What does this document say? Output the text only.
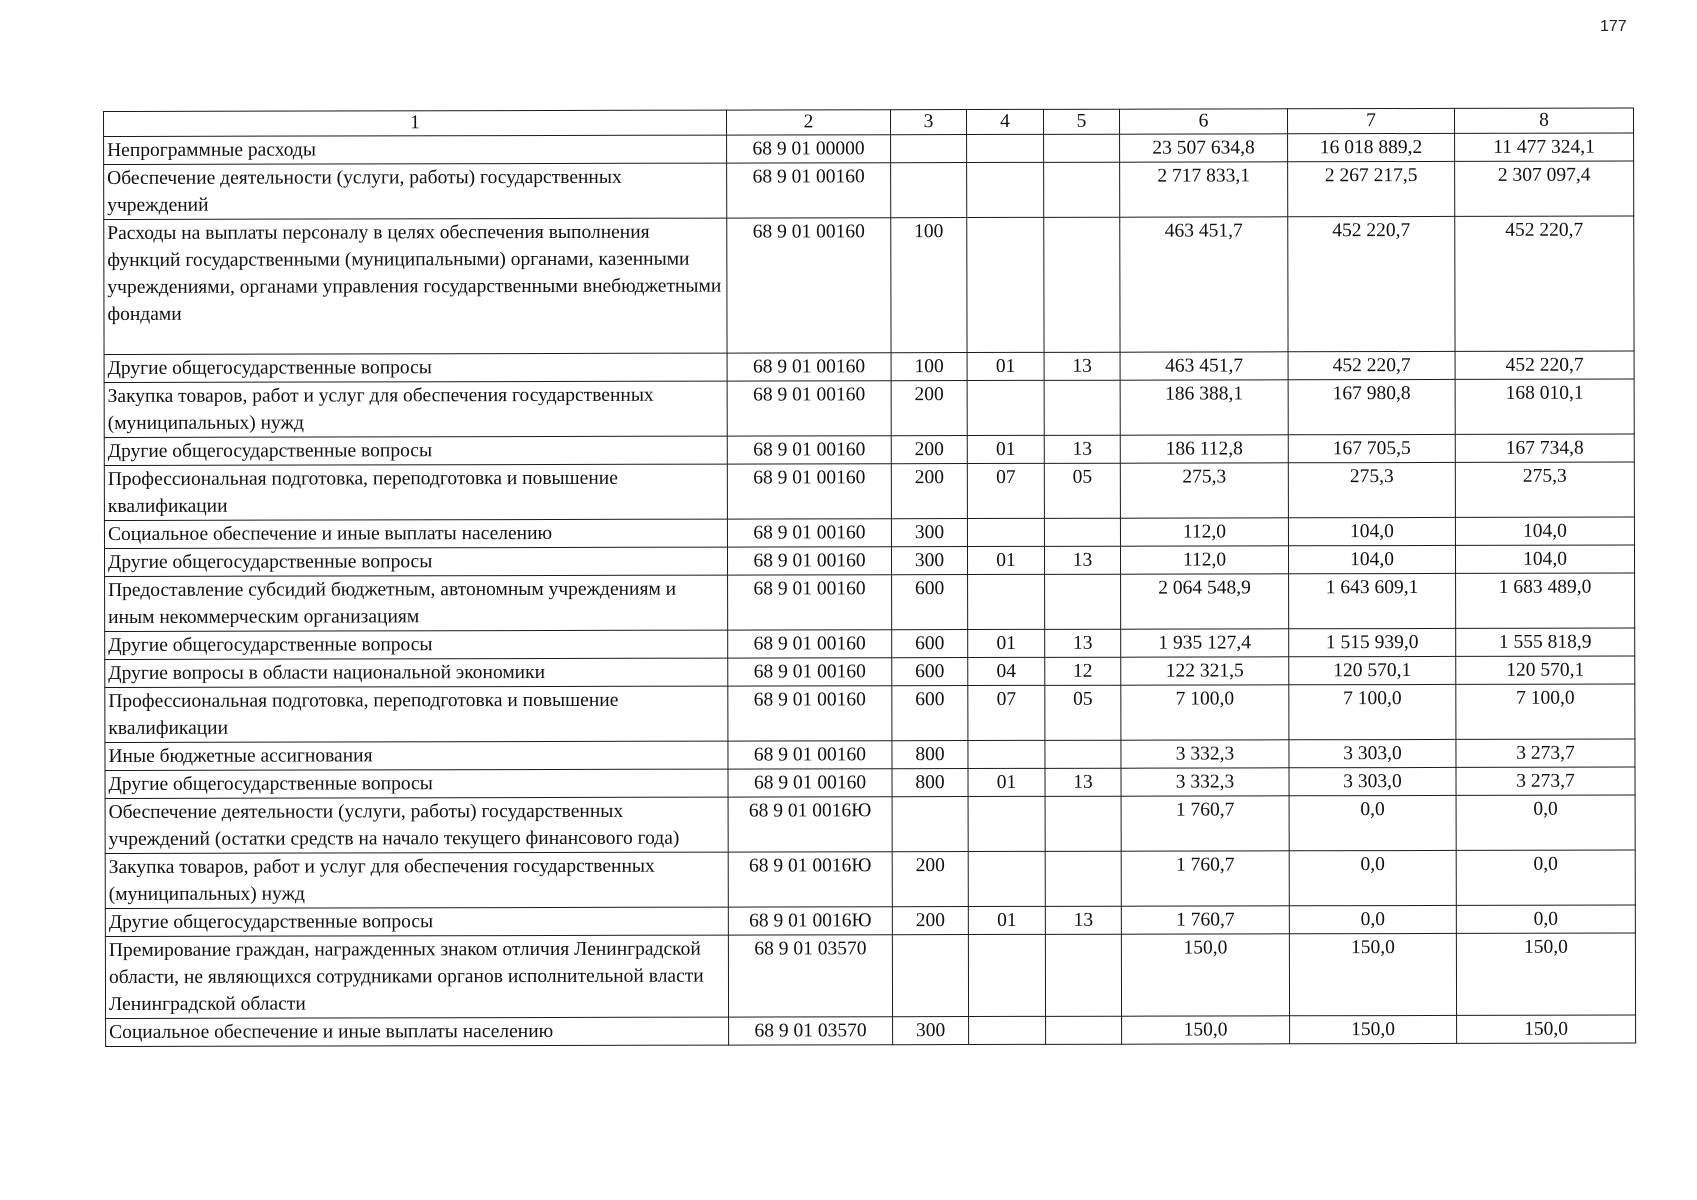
177
1	2	3	4	5	6	7	8
Непрограммные расходы	68 9 01 00000				23 507 634,8	16 018 889,2	11 477 324,1
Обеспечение деятельности (услуги, работы) государственных учреждений	68 9 01 00160				2 717 833,1	2 267 217,5	2 307 097,4
Расходы на выплаты персоналу в целях обеспечения выполнения функций государственными (муниципальными) органами, казенными учреждениями, органами управления государственными внебюджетными фондами	68 9 01 00160	100			463 451,7	452 220,7	452 220,7
Другие общегосударственные вопросы	68 9 01 00160	100	01	13	463 451,7	452 220,7	452 220,7
Закупка товаров, работ и услуг для обеспечения государственных (муниципальных) нужд	68 9 01 00160	200			186 388,1	167 980,8	168 010,1
Другие общегосударственные вопросы	68 9 01 00160	200	01	13	186 112,8	167 705,5	167 734,8
Профессиональная подготовка, переподготовка и повышение квалификации	68 9 01 00160	200	07	05	275,3	275,3	275,3
Социальное обеспечение и иные выплаты населению	68 9 01 00160	300			112,0	104,0	104,0
Другие общегосударственные вопросы	68 9 01 00160	300	01	13	112,0	104,0	104,0
Предоставление субсидий бюджетным, автономным учреждениям и иным некоммерческим организациям	68 9 01 00160	600			2 064 548,9	1 643 609,1	1 683 489,0
Другие общегосударственные вопросы	68 9 01 00160	600	01	13	1 935 127,4	1 515 939,0	1 555 818,9
Другие вопросы в области национальной экономики	68 9 01 00160	600	04	12	122 321,5	120 570,1	120 570,1
Профессиональная подготовка, переподготовка и повышение квалификации	68 9 01 00160	600	07	05	7 100,0	7 100,0	7 100,0
Иные бюджетные ассигнования	68 9 01 00160	800			3 332,3	3 303,0	3 273,7
Другие общегосударственные вопросы	68 9 01 00160	800	01	13	3 332,3	3 303,0	3 273,7
Обеспечение деятельности (услуги, работы) государственных учреждений (остатки средств на начало текущего финансового года)	68 9 01 0016Ю				1 760,7	0,0	0,0
Закупка товаров, работ и услуг для обеспечения государственных (муниципальных) нужд	68 9 01 0016Ю	200			1 760,7	0,0	0,0
Другие общегосударственные вопросы	68 9 01 0016Ю	200	01	13	1 760,7	0,0	0,0
Премирование граждан, награжденных знаком отличия Ленинградской области, не являющихся сотрудниками органов исполнительной власти Ленинградской области	68 9 01 03570				150,0	150,0	150,0
Социальное обеспечение и иные выплаты населению	68 9 01 03570	300			150,0	150,0	150,0
